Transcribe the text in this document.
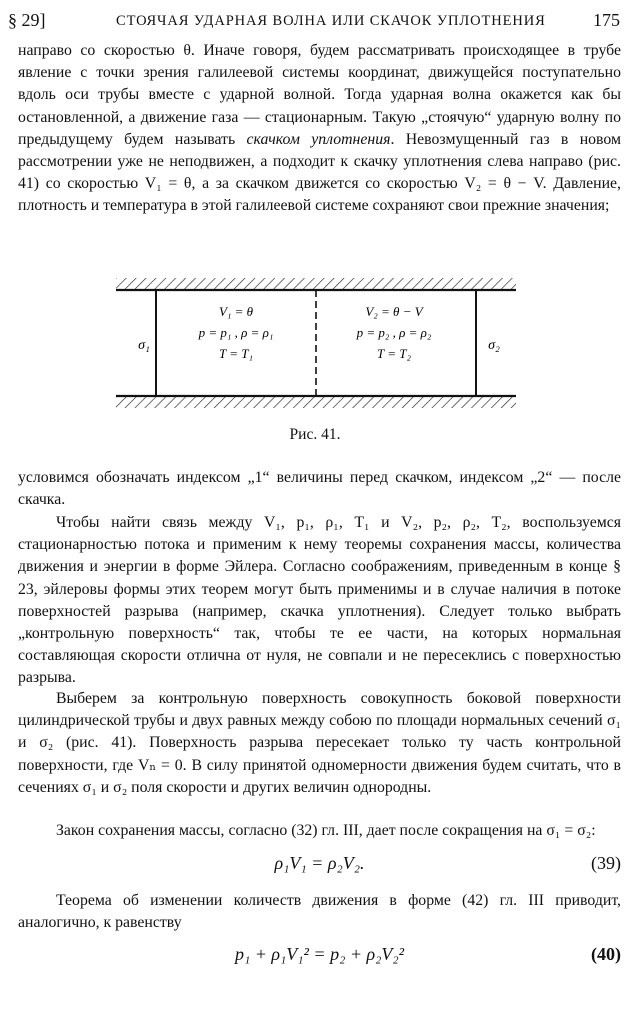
§ 29]	СТОЯЧАЯ УДАРНАЯ ВОЛНА ИЛИ СКАЧОК УПЛОТНЕНИЯ	175

направо со скоростью θ. Иначе говоря, будем рассматривать происходящее в трубе явление с точки зрения галилеевой системы координат, движущейся поступательно вдоль оси трубы вместе с ударной волной. Тогда ударная волна окажется как бы остановленной, а движение газа — стационарным. Такую „стоячую“ ударную волну по предыдущему будем называть скачком уплотнения. Невозмущенный газ в новом рассмотрении уже не неподвижен, а подходит к скачку уплотнения слева направо (рис. 41) со скоростью V₁ = θ, а за скачком движется со скоростью V₂ = θ − V. Давление, плотность и температура в этой галилеевой системе сохраняют свои прежние значения;

σ₁	σ₂
V₁ = θ
p = p₁ , ρ = ρ₁
T = T₁
V₂ = θ − V
p = p₂ , ρ = ρ₂
T = T₂
Рис. 41.

условимся обозначать индексом „1“ величины перед скачком, индексом „2“ — после скачка.

Чтобы найти связь между V₁, p₁, ρ₁, T₁ и V₂, p₂, ρ₂, T₂, воспользуемся стационарностью потока и применим к нему теоремы сохранения массы, количества движения и энергии в форме Эйлера. Согласно соображениям, приведенным в конце § 23, эйлеровы формы этих теорем могут быть применимы и в случае наличия в потоке поверхностей разрыва (например, скачка уплотнения). Следует только выбрать „контрольную поверхность“ так, чтобы те ее части, на которых нормальная составляющая скорости отлична от нуля, не совпали и не пересеклись с поверхностью разрыва.

Выберем за контрольную поверхность совокупность боковой поверхности цилиндрической трубы и двух равных между собою по площади нормальных сечений σ₁ и σ₂ (рис. 41). Поверхность разрыва пересекает только ту часть контрольной поверхности, где Vₙ = 0. В силу принятой одномерности движения будем считать, что в сечениях σ₁ и σ₂ поля скорости и других величин однородны.

Закон сохранения массы, согласно (32) гл. III, дает после сокращения на σ₁ = σ₂:

ρ₁V₁ = ρ₂V₂.	(39)

Теорема об изменении количеств движения в форме (42) гл. III приводит, аналогично, к равенству

p₁ + ρ₁V₁² = p₂ + ρ₂V₂²	(40)
